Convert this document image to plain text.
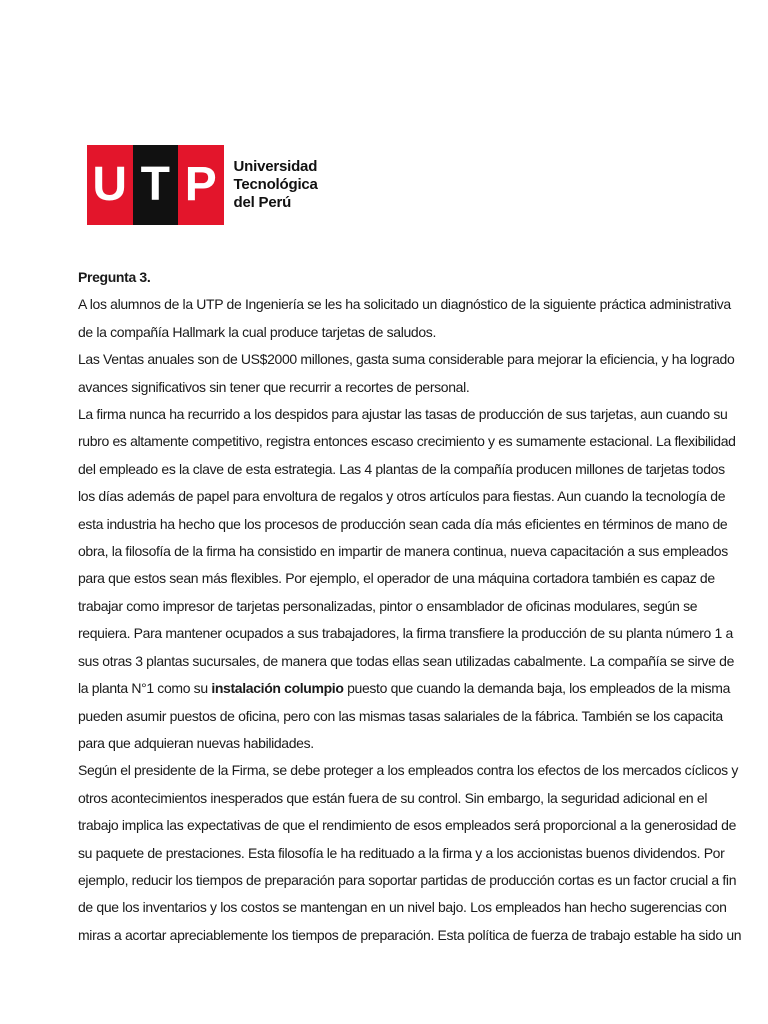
U T P	Universidad
Tecnológica
del Perú
Pregunta 3.
A los alumnos de la UTP de Ingeniería se les ha solicitado un diagnóstico de la siguiente práctica administrativa
de la compañía Hallmark la cual produce tarjetas de saludos.
Las Ventas anuales son de US$2000 millones, gasta suma considerable para mejorar la eficiencia, y ha logrado
avances significativos sin tener que recurrir a recortes de personal.
La firma nunca ha recurrido a los despidos para ajustar las tasas de producción de sus tarjetas, aun cuando su
rubro es altamente competitivo, registra entonces escaso crecimiento y es sumamente estacional. La flexibilidad
del empleado es la clave de esta estrategia. Las 4 plantas de la compañía producen millones de tarjetas todos
los días además de papel para envoltura de regalos y otros artículos para fiestas. Aun cuando la tecnología de
esta industria ha hecho que los procesos de producción sean cada día más eficientes en términos de mano de
obra, la filosofía de la firma ha consistido en impartir de manera continua, nueva capacitación a sus empleados
para que estos sean más flexibles. Por ejemplo, el operador de una máquina cortadora también es capaz de
trabajar como impresor de tarjetas personalizadas, pintor o ensamblador de oficinas modulares, según se
requiera. Para mantener ocupados a sus trabajadores, la firma transfiere la producción de su planta número 1 a
sus otras 3 plantas sucursales, de manera que todas ellas sean utilizadas cabalmente. La compañía se sirve de
la planta N°1 como su instalación columpio puesto que cuando la demanda baja, los empleados de la misma
pueden asumir puestos de oficina, pero con las mismas tasas salariales de la fábrica. También se los capacita
para que adquieran nuevas habilidades.
Según el presidente de la Firma, se debe proteger a los empleados contra los efectos de los mercados cíclicos y
otros acontecimientos inesperados que están fuera de su control. Sin embargo, la seguridad adicional en el
trabajo implica las expectativas de que el rendimiento de esos empleados será proporcional a la generosidad de
su paquete de prestaciones. Esta filosofía le ha redituado a la firma y a los accionistas buenos dividendos. Por
ejemplo, reducir los tiempos de preparación para soportar partidas de producción cortas es un factor crucial a fin
de que los inventarios y los costos se mantengan en un nivel bajo. Los empleados han hecho sugerencias con
miras a acortar apreciablemente los tiempos de preparación. Esta política de fuerza de trabajo estable ha sido un
